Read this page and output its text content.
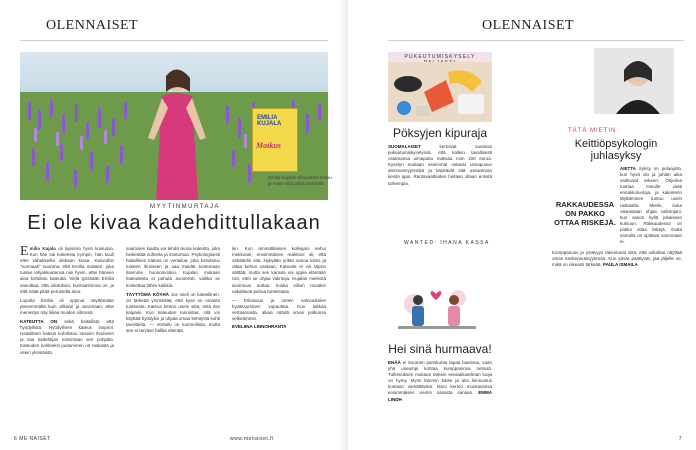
OLENNAISET
EMILIA KUJALA
Matkus
Emilia Kujalan kirmaattee kelluu ja miten siitä pitäisi käsitellä.
MYYTINMURTAJA
Ei ole kivaa kadehdittullakaan
E milia Kujala oli lapsena hyvä koulussa. Kun hän sai kokeesta kympin, hän kuuli ettei vahakkeilla olekaan kivaa. Kasvoihin "normaali" nuorena, että Emilia maisteri, joka tuntee lahjakkuutensa niin hyvin, ettei häneen aina kohdistu kateutta. Vielä työssään Emilia sanoittaa, että odotuksia, kunnianhimoa on, ja että näitä pitää perustella aina.

Lopulta Emilia oli oppinut näyttämään pienemmältä kuin olikaan ja varomaan, ettei menestys näy liikaa muiden silmissä.

KATEUTTA ON sekä haitallista että hyödyllistä. Hyödyllinen kateus inspiroi. Haitallinen kateus kohdistuu toiseen ihmiseen ja saa kadehtijan toimimaan sen pohjalta. Kateuden kohteeksi joutuminen on raskasta ja usein yksinäistä.

saamisen kautta voi tehdä teoria kateutta, joka heikentää suhteita ja itsetuntoa. Psykologisesti haitallinen kateus on vertailua, joka kohdistuu toiseen ihmiseen ja saa meidät tuntemaan itsemme huonommiksi. Kujalan mukaan kateudesta ei puhuta avoimesti, vaikka se koskettaa lähes kaikkia.

TÄYTTÖMÄ KÖYHÄ Jos mieli on kateellinen, on tärkeää ymmärtää, että kyse on omasta tunteesta. Kateus kertoo usein siitä, mitä itse kaipaisi. Kun kateuden tunnistaa, sitä voi käyttää hyödyksi ja ohjata omaa kehitystä kohti tavoitteita. — Vertailu on luonnollista, mutta sen ei tarvitse hallita elämää.

kin. Kun ammattilaisen kollegani kehui mekkoani, ensimmäinen reaktioni oli, että vähättelin sitä. Nykyään yritän sanoa kiitos ja ottaa kehun vastaan. Kateutta ei voi täysin välttää, mutta sen kanssa voi oppia elämään niin, ettei se ohjaa valintoja. Kujalan mielestä avoimuus auttaa, koska silloin muutkin uskaltavat puhua tunteistaan.

— Erilaisuus ja omien vahvuuksien hyväksyminen vapauttaa. Kun lakkaa vertaamasta, alkaa nähdä oman polkunsa selkeämmin.

EVELIINA LINNOHRANTA

6 ME NAISET	www.menaiset.fi
OLENNAISET
PUKEUTUMISKYSELY
Pöksyjen kipuraja
SUOMALAISET	kertoivat suurissa pukeutumiskyselyssä, että kallein tavallisesti ostamansa uimapuku maksaa noin 100 euroa. Kyselyn mukaan useimmat ostavat uimapuvun alennusmyynnistä ja käyttävät sitä useamman kesän ajan. Rantavaatteiden hintaan ollaan entistä tarkempia.
WANTED: IHANA KASSA
Hei sinä hurmaava!
ENÄÄ ei Suomen pariskunta tapaa baarissa, vaan yhä useampi kohtaa kumppaninsa netissä. Tutkimuksen mukaan tärkein ensivaikutelman luoja on hymy. Myös lämmin katse ja aito kiinnostus koetaan viehättävinä. Moni kertoo muistavansa ensimmäisen viestin sanasta sanaan. EMMA LINDH
TÄTÄ MIETIN
Keittiöpsykologin juhlasyksy
AIETTA Syksy on pelaajista, kun hyvä olo ja juhlan aika vaihtuvat arkeen. Ohjelma tuottaa minulle vielä ennakkoluuloja, ja kalenterin täyttäminen tuntuu usein raskaalta. Mietin, kuka oikeastaan ohjaa valintojani, kun sanon kyllä jokaiseen kutsuun. Rakkaudessa on pakko ottaa riskejä, mutta samalla on opittava sanomaan ei.
RAKKAUDESSA ON PAKKO OTTAA RISKEJÄ.
Kumppanuus ja ystävyys rakentuvat siitä, että uskaltaa näyttää oman keskeneräisyytensä. Kun juhlat päättyvät, jää jäljelle se, mikä on oikeasti tärkeää. PAULA ISMAILA
7
